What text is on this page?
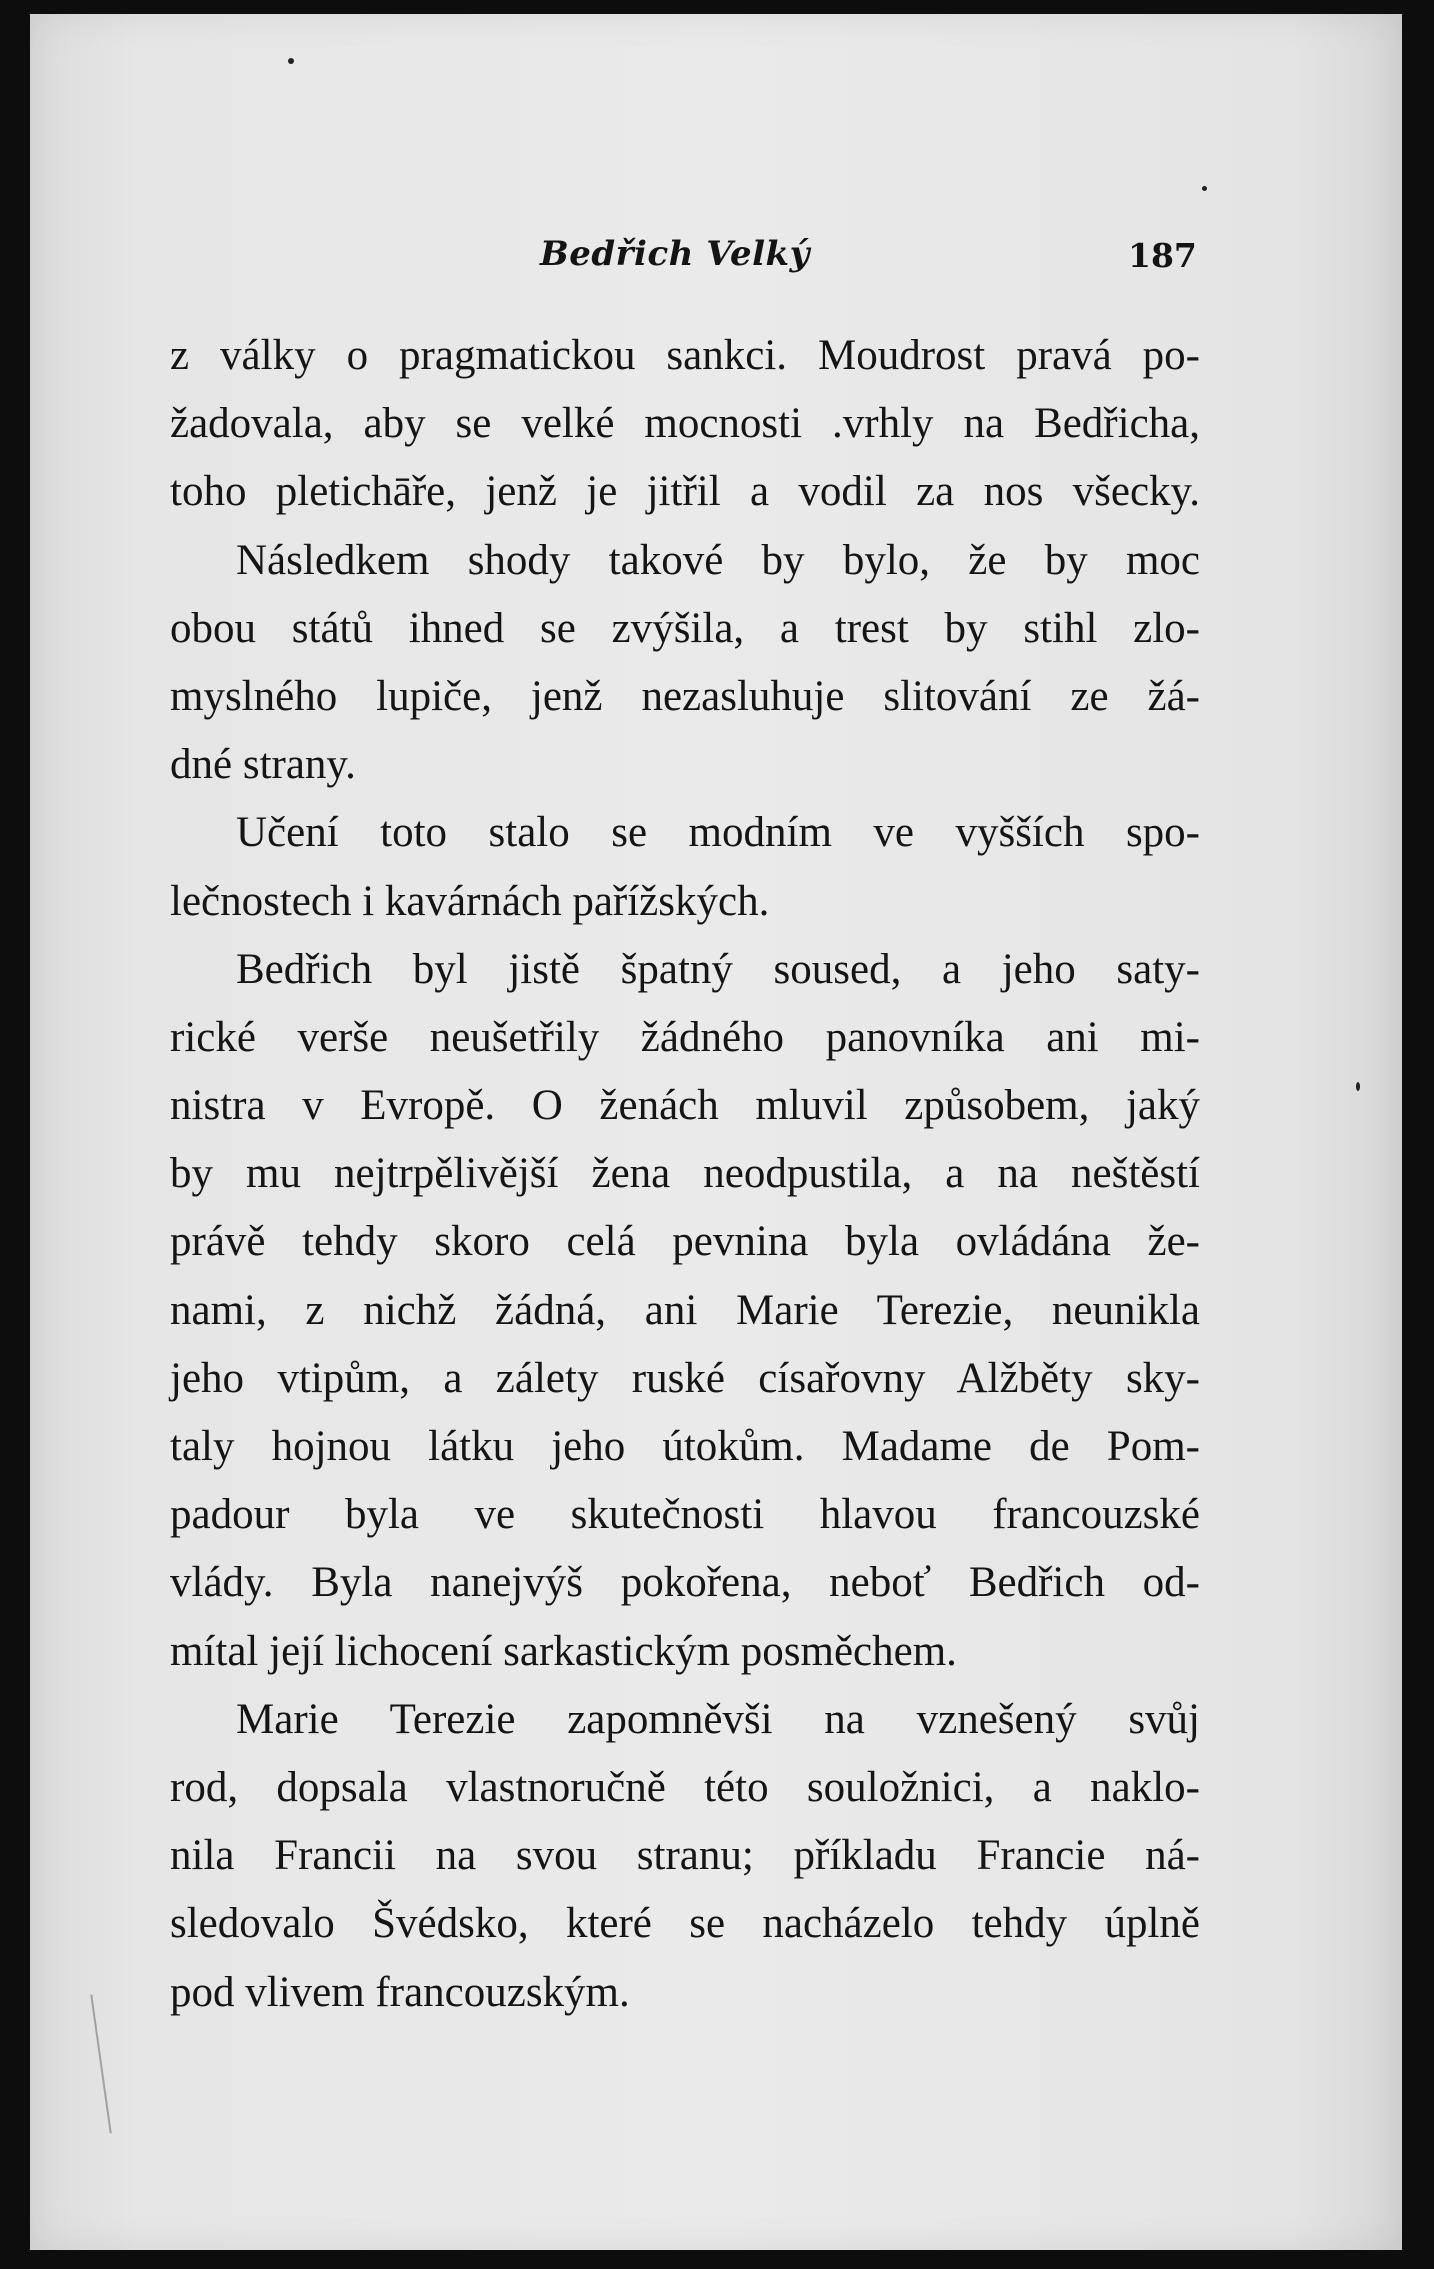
Bedřich Velký	187
z války o pragmatickou sankci. Moudrost pravá po-
žadovala, aby se velké mocnosti .vrhly na Bedřicha,
toho pletichāře, jenž je jitřil a vodil za nos všecky.
Následkem shody takové by bylo, že by moc
obou států ihned se zvýšila, a trest by stihl zlo-
myslného lupiče, jenž nezasluhuje slitování ze žá-
dné strany.
Učení toto stalo se modním ve vyšších spo-
lečnostech i kavárnách pařížských.
Bedřich byl jistě špatný soused, a jeho saty-
rické verše neušetřily žádného panovníka ani mi-
nistra v Evropě. O ženách mluvil způsobem, jaký
by mu nejtrpělivější žena neodpustila, a na neštěstí
právě tehdy skoro celá pevnina byla ovládána že-
nami, z nichž žádná, ani Marie Terezie, neunikla
jeho vtipům, a zálety ruské císařovny Alžběty sky-
taly hojnou látku jeho útokům. Madame de Pom-
padour byla ve skutečnosti hlavou francouzské
vlády. Byla nanejvýš pokořena, neboť Bedřich od-
mítal její lichocení sarkastickým posměchem.
Marie Terezie zapomněvši na vznešený svůj
rod, dopsala vlastnoručně této souložnici, a naklo-
nila Francii na svou stranu; příkladu Francie ná-
sledovalo Švédsko, které se nacházelo tehdy úplně
pod vlivem francouzským.
